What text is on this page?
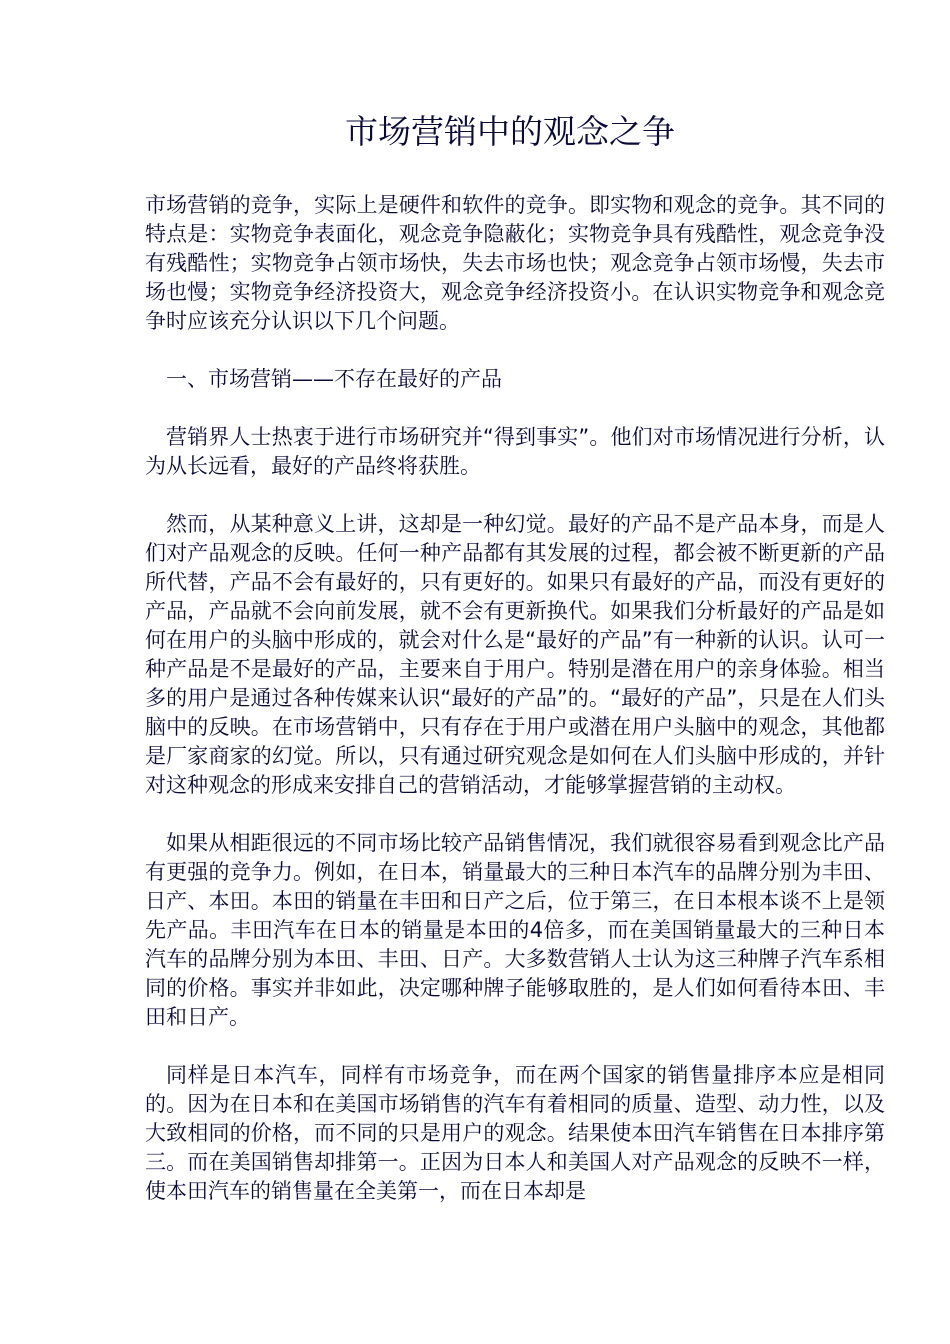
市场营销中的观念之争

市场营销的竞争，实际上是硬件和软件的竞争。即实物和观念的竞争。其不同的特点是：实物竞争表面化，观念竞争隐蔽化；实物竞争具有残酷性，观念竞争没有残酷性；实物竞争占领市场快，失去市场也快；观念竞争占领市场慢，失去市场也慢；实物竞争经济投资大，观念竞争经济投资小。在认识实物竞争和观念竞争时应该充分认识以下几个问题。

一、市场营销——不存在最好的产品

营销界人士热衷于进行市场研究并“得到事实”。他们对市场情况进行分析，认为从长远看，最好的产品终将获胜。

然而，从某种意义上讲，这却是一种幻觉。最好的产品不是产品本身，而是人们对产品观念的反映。任何一种产品都有其发展的过程，都会被不断更新的产品所代替，产品不会有最好的，只有更好的。如果只有最好的产品，而没有更好的产品，产品就不会向前发展，就不会有更新换代。如果我们分析最好的产品是如何在用户的头脑中形成的，就会对什么是“最好的产品”有一种新的认识。认可一种产品是不是最好的产品，主要来自于用户。特别是潜在用户的亲身体验。相当多的用户是通过各种传媒来认识“最好的产品”的。“最好的产品”，只是在人们头脑中的反映。在市场营销中，只有存在于用户或潜在用户头脑中的观念，其他都是厂家商家的幻觉。所以，只有通过研究观念是如何在人们头脑中形成的，并针对这种观念的形成来安排自己的营销活动，才能够掌握营销的主动权。

如果从相距很远的不同市场比较产品销售情况，我们就很容易看到观念比产品有更强的竞争力。例如，在日本，销量最大的三种日本汽车的品牌分别为丰田、日产、本田。本田的销量在丰田和日产之后，位于第三，在日本根本谈不上是领先产品。丰田汽车在日本的销量是本田的4倍多，而在美国销量最大的三种日本汽车的品牌分别为本田、丰田、日产。大多数营销人士认为这三种牌子汽车系相同的价格。事实并非如此，决定哪种牌子能够取胜的，是人们如何看待本田、丰田和日产。

同样是日本汽车，同样有市场竞争，而在两个国家的销售量排序本应是相同的。因为在日本和在美国市场销售的汽车有着相同的质量、造型、动力性，以及大致相同的价格，而不同的只是用户的观念。结果使本田汽车销售在日本排序第三。而在美国销售却排第一。正因为日本人和美国人对产品观念的反映不一样，使本田汽车的销售量在全美第一，而在日本却是
